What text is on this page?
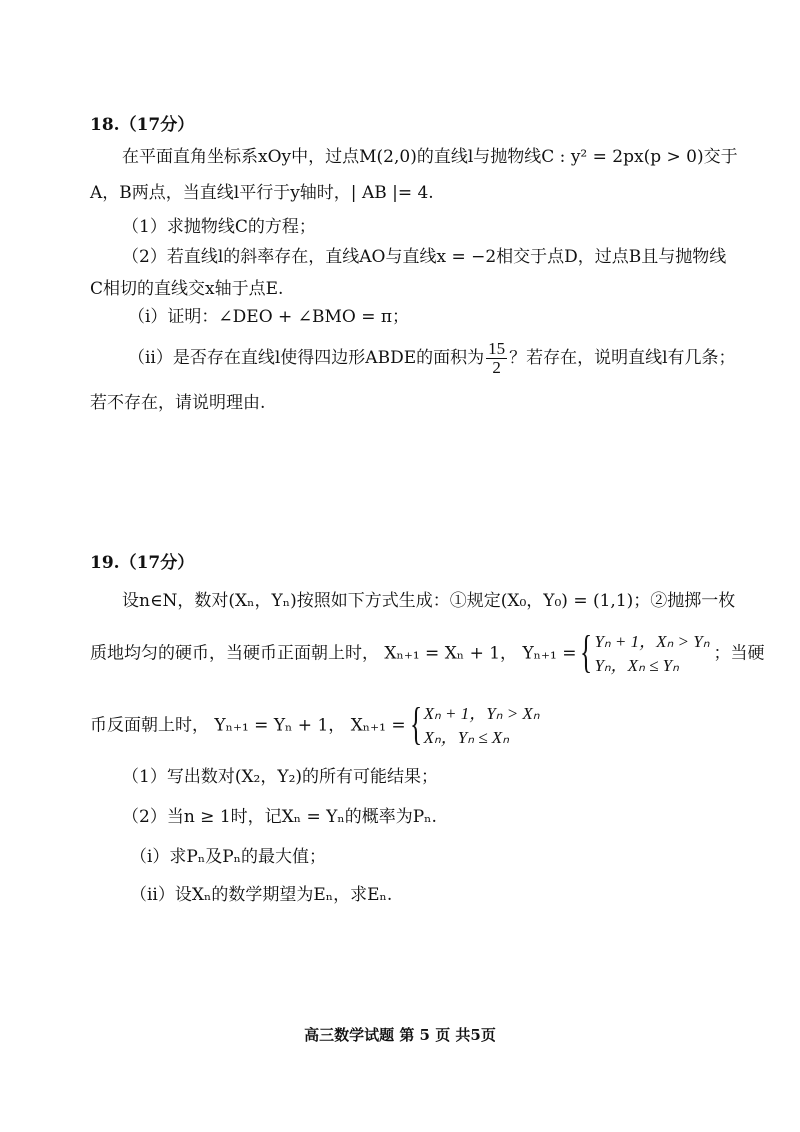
18.（17分）
在平面直角坐标系xOy中，过点M(2,0)的直线l与抛物线C : y² = 2px(p > 0)交于
A，B两点，当直线l平行于y轴时，| AB |= 4.
（1）求抛物线C的方程；
（2）若直线l的斜率存在，直线AO与直线x = −2相交于点D，过点B且与抛物线
C相切的直线交x轴于点E.
（i）证明：∠DEO + ∠BMO = π；
（ii）是否存在直线l使得四边形ABDE的面积为 $\frac{15}{2}$ ？若存在，说明直线l有几条；
若不存在，请说明理由.
19.（17分）
设n∈N，数对(Xₙ，Yₙ)按照如下方式生成：①规定(X₀，Y₀) = (1,1)；②抛掷一枚
质地均匀的硬币，当硬币正面朝上时， Xₙ₊₁ = Xₙ + 1， Yₙ₊₁ = { Yₙ + 1，Xₙ > Yₙ
Yₙ，Xₙ ≤ Yₙ
；当硬
币反面朝上时， Yₙ₊₁ = Yₙ + 1， Xₙ₊₁ = { Xₙ + 1，Yₙ > Xₙ
Xₙ，Yₙ ≤ Xₙ
（1）写出数对(X₂，Y₂)的所有可能结果；
（2）当n ≥ 1时，记Xₙ = Yₙ的概率为Pₙ.
（i）求Pₙ及Pₙ的最大值；
（ii）设Xₙ的数学期望为Eₙ，求Eₙ.
高三数学试题 第 5 页 共5页
